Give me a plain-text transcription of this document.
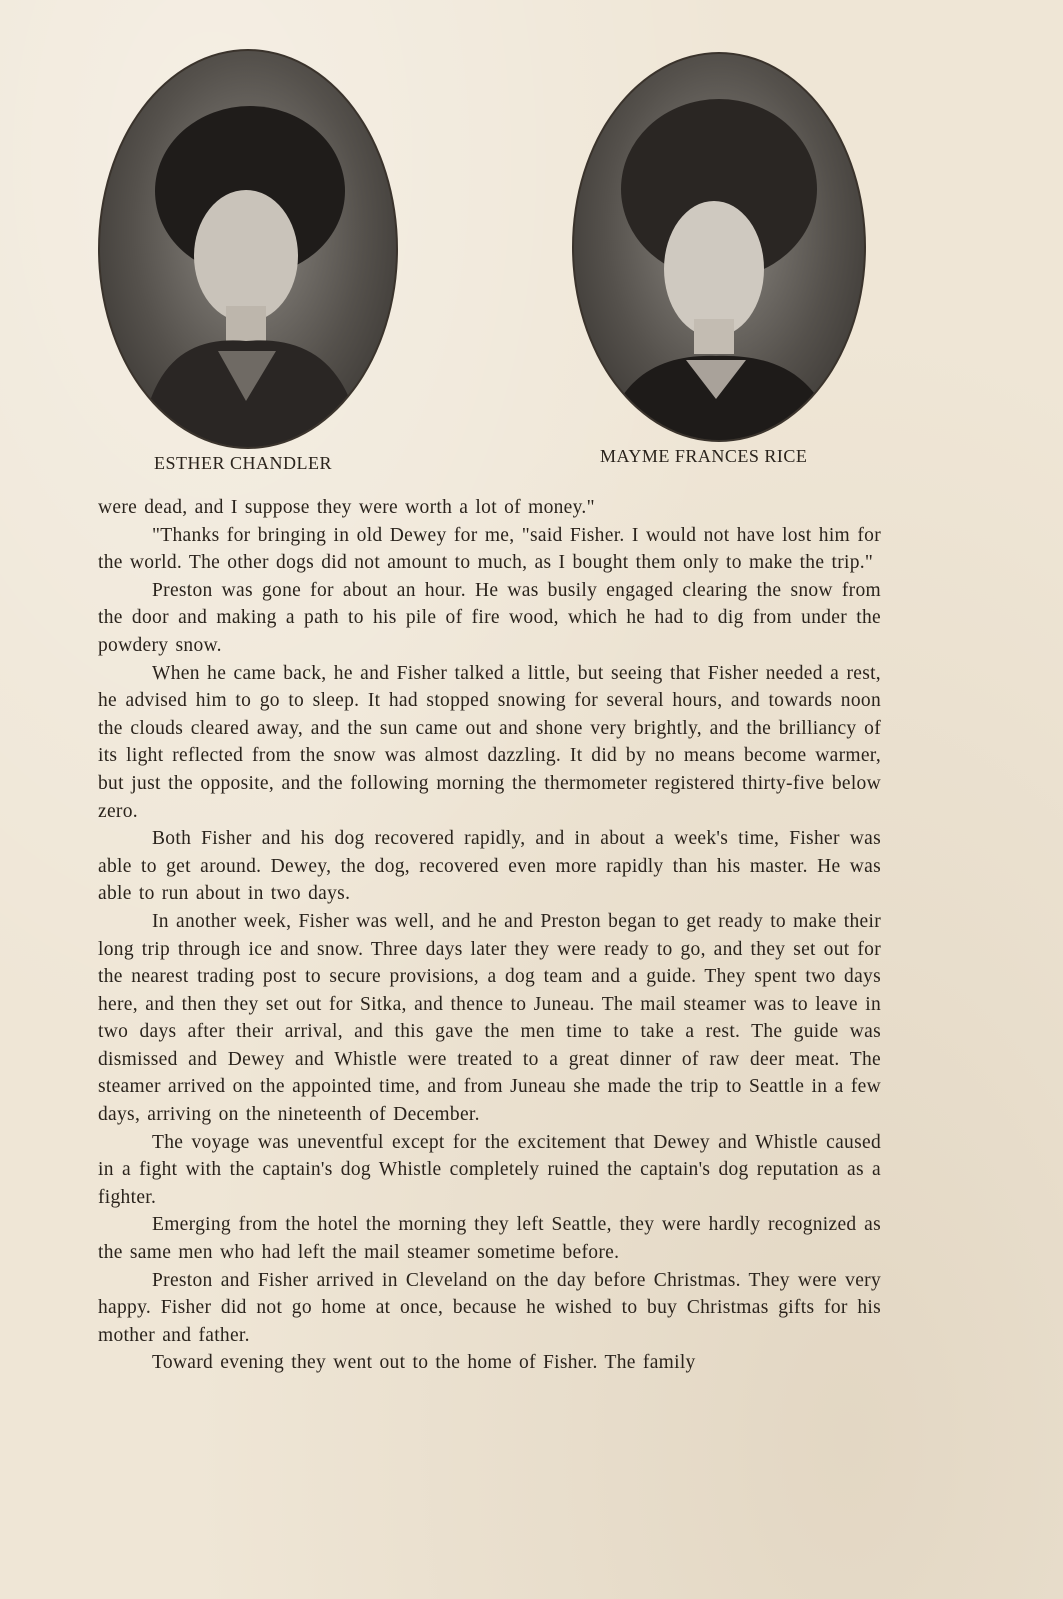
ESTHER CHANDLER	MAYME FRANCES RICE

were dead, and I suppose they were worth a lot of money."

"Thanks for bringing in old Dewey for me, "said Fisher. I would not have lost him for the world. The other dogs did not amount to much, as I bought them only to make the trip."

Preston was gone for about an hour. He was busily engaged clearing the snow from the door and making a path to his pile of fire wood, which he had to dig from under the powdery snow.

When he came back, he and Fisher talked a little, but seeing that Fisher needed a rest, he advised him to go to sleep. It had stopped snowing for several hours, and towards noon the clouds cleared away, and the sun came out and shone very brightly, and the brilliancy of its light reflected from the snow was almost dazzling. It did by no means become warmer, but just the opposite, and the following morning the thermometer registered thirty-five below zero.

Both Fisher and his dog recovered rapidly, and in about a week's time, Fisher was able to get around. Dewey, the dog, recovered even more rapidly than his master. He was able to run about in two days.

In another week, Fisher was well, and he and Preston began to get ready to make their long trip through ice and snow. Three days later they were ready to go, and they set out for the nearest trading post to secure provisions, a dog team and a guide. They spent two days here, and then they set out for Sitka, and thence to Juneau. The mail steamer was to leave in two days after their arrival, and this gave the men time to take a rest. The guide was dismissed and Dewey and Whistle were treated to a great dinner of raw deer meat. The steamer arrived on the appointed time, and from Juneau she made the trip to Seattle in a few days, arriving on the nineteenth of December.

The voyage was uneventful except for the excitement that Dewey and Whistle caused in a fight with the captain's dog Whistle completely ruined the captain's dog reputation as a fighter.

Emerging from the hotel the morning they left Seattle, they were hardly recognized as the same men who had left the mail steamer sometime before.

Preston and Fisher arrived in Cleveland on the day before Christmas. They were very happy. Fisher did not go home at once, because he wished to buy Christmas gifts for his mother and father.

Toward evening they went out to the home of Fisher. The family
